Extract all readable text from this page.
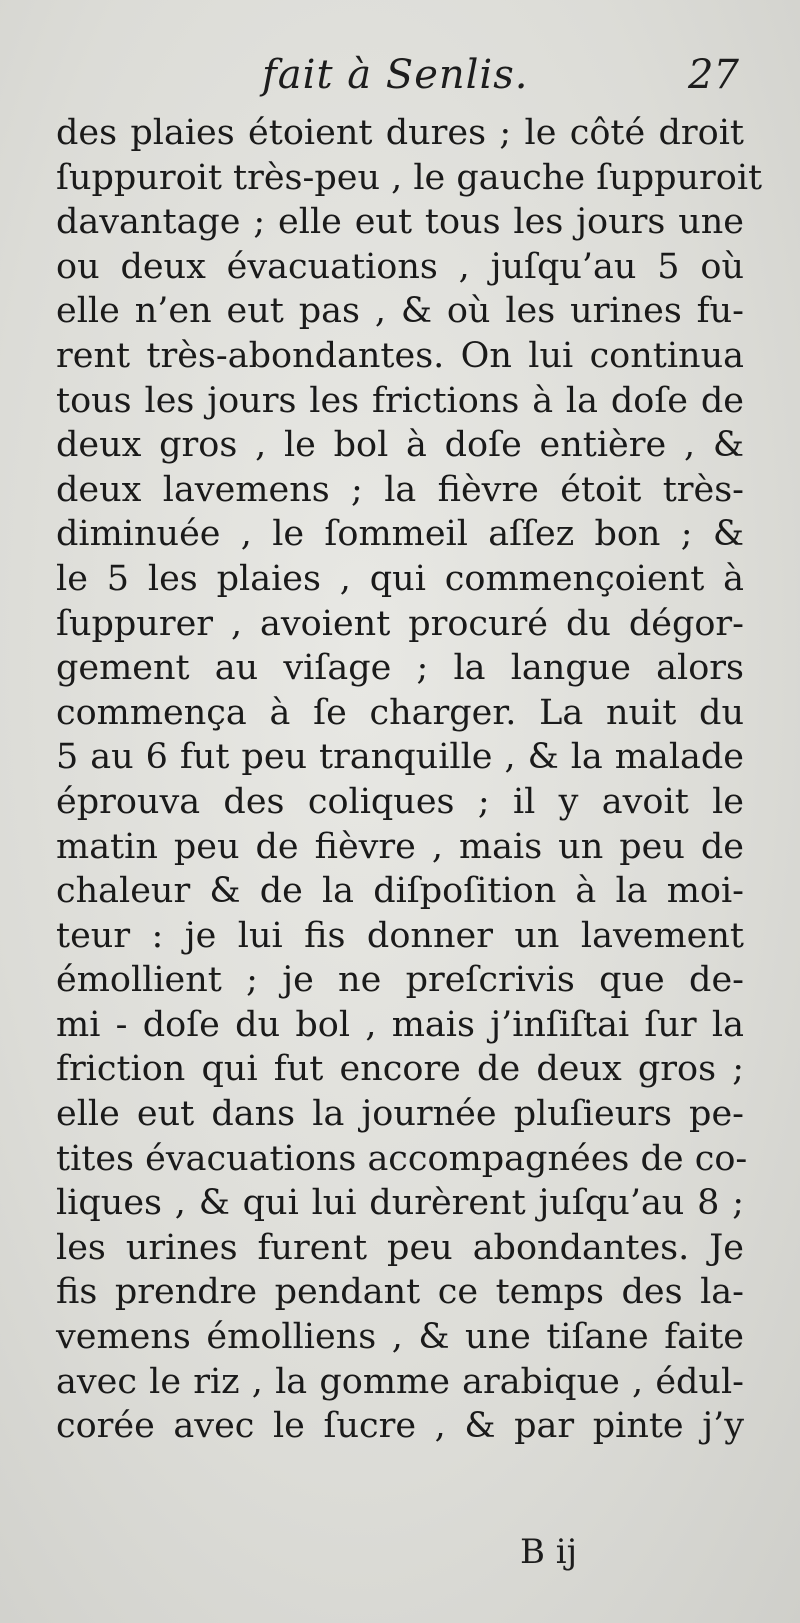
fait à Senlis.	27
des plaies étoient dures ; le côté droit
ſuppuroit très-peu , le gauche ſuppuroit
davantage ; elle eut tous les jours une
ou deux évacuations , juſqu’au 5 où
elle n’en eut pas , & où les urines fu-
rent très-abondantes. On lui continua
tous les jours les frictions à la doſe de
deux gros , le bol à doſe entière , &
deux lavemens ; la fièvre étoit très-
diminuée , le ſommeil aſſez bon ; &
le 5 les plaies , qui commençoient à
ſuppurer , avoient procuré du dégor-
gement au viſage ; la langue alors
commença à ſe charger. La nuit du
5 au 6 fut peu tranquille , & la malade
éprouva des coliques ; il y avoit le
matin peu de fièvre , mais un peu de
chaleur & de la diſpoſition à la moi-
teur : je lui fis donner un lavement
émollient ; je ne preſcrivis que de-
mi - doſe du bol , mais j’inſiſtai ſur la
friction qui fut encore de deux gros ;
elle eut dans la journée pluſieurs pe-
tites évacuations accompagnées de co-
liques , & qui lui durèrent juſqu’au 8 ;
les urines furent peu abondantes. Je
fis prendre pendant ce temps des la-
vemens émolliens , & une tiſane faite
avec le riz , la gomme arabique , édul-
corée avec le ſucre , & par pinte j’y
B ij
